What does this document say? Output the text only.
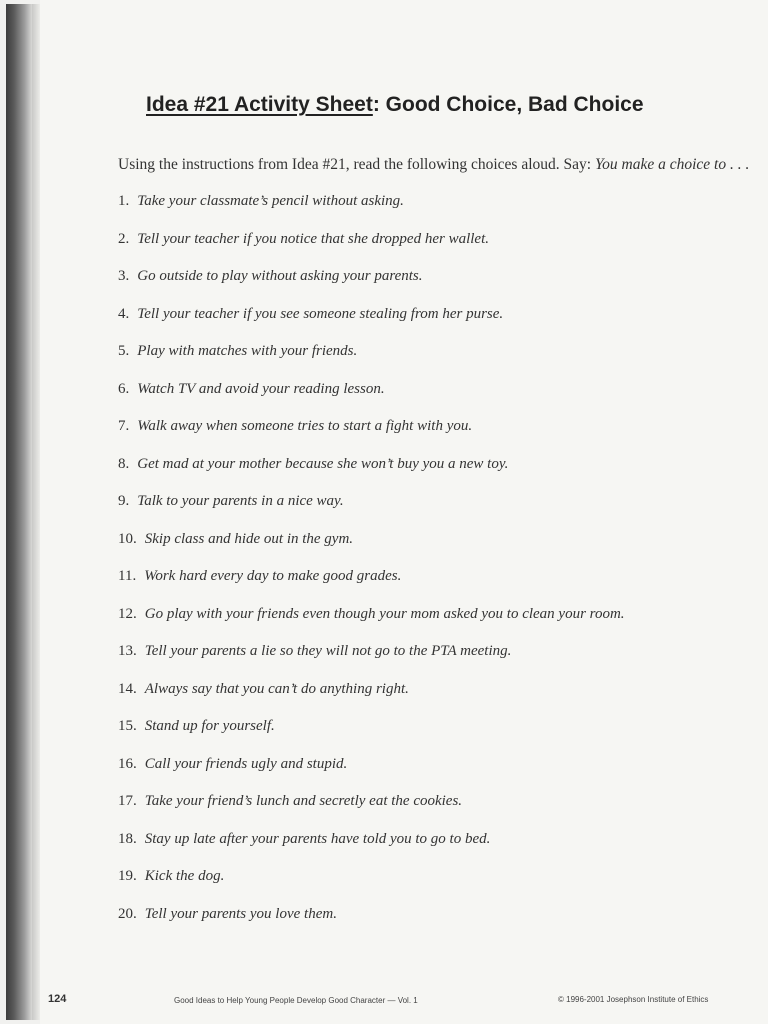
Idea #21 Activity Sheet: Good Choice, Bad Choice

Using the instructions from Idea #21, read the following choices aloud. Say: You make a choice to . . .

1. Take your classmate’s pencil without asking.
2. Tell your teacher if you notice that she dropped her wallet.
3. Go outside to play without asking your parents.
4. Tell your teacher if you see someone stealing from her purse.
5. Play with matches with your friends.
6. Watch TV and avoid your reading lesson.
7. Walk away when someone tries to start a fight with you.
8. Get mad at your mother because she won’t buy you a new toy.
9. Talk to your parents in a nice way.
10. Skip class and hide out in the gym.
11. Work hard every day to make good grades.
12. Go play with your friends even though your mom asked you to clean your room.
13. Tell your parents a lie so they will not go to the PTA meeting.
14. Always say that you can’t do anything right.
15. Stand up for yourself.
16. Call your friends ugly and stupid.
17. Take your friend’s lunch and secretly eat the cookies.
18. Stay up late after your parents have told you to go to bed.
19. Kick the dog.
20. Tell your parents you love them.
124	Good Ideas to Help Young People Develop Good Character — Vol. 1	© 1996-2001 Josephson Institute of Ethics
